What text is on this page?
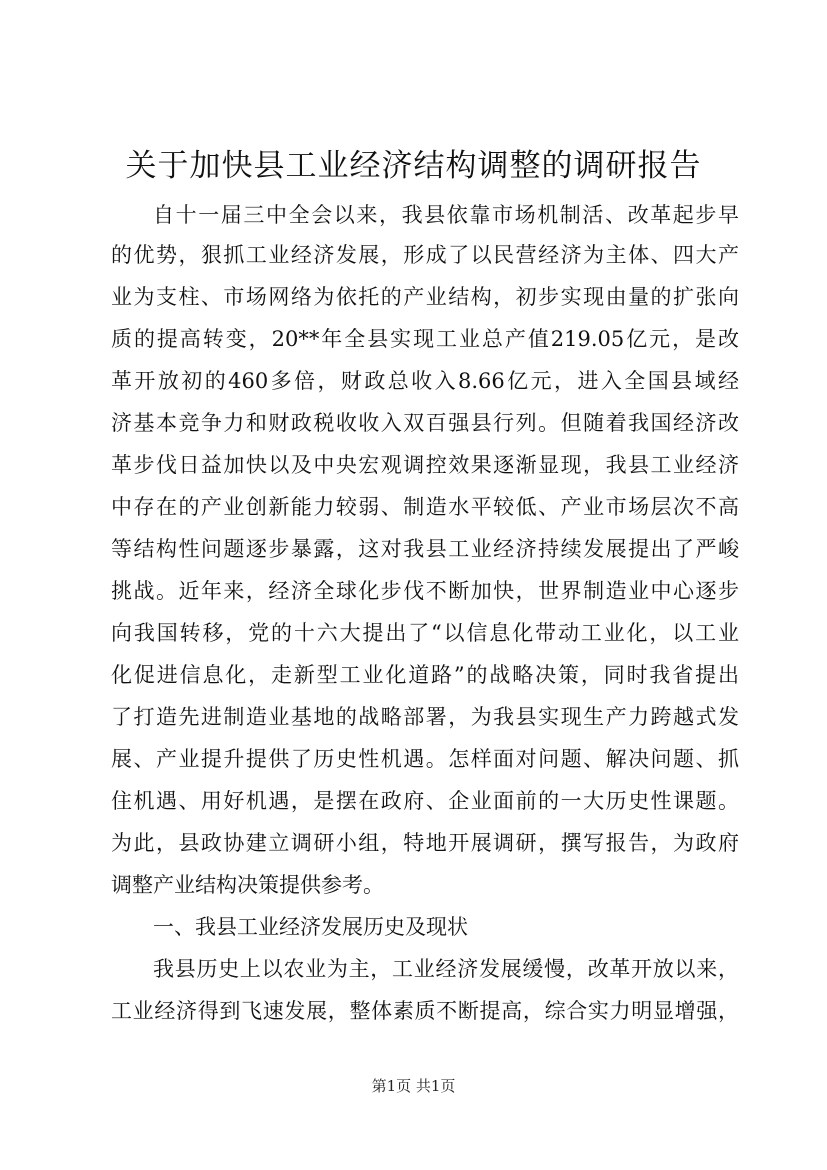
关于加快县工业经济结构调整的调研报告

自十一届三中全会以来，我县依靠市场机制活、改革起步早

的优势，狠抓工业经济发展，形成了以民营经济为主体、四大产

业为支柱、市场网络为依托的产业结构，初步实现由量的扩张向

质的提高转变，20**年全县实现工业总产值219.05亿元，是改

革开放初的460多倍，财政总收入8.66亿元，进入全国县域经

济基本竞争力和财政税收收入双百强县行列。但随着我国经济改

革步伐日益加快以及中央宏观调控效果逐渐显现，我县工业经济

中存在的产业创新能力较弱、制造水平较低、产业市场层次不高

等结构性问题逐步暴露，这对我县工业经济持续发展提出了严峻

挑战。近年来，经济全球化步伐不断加快，世界制造业中心逐步

向我国转移，党的十六大提出了“以信息化带动工业化，以工业

化促进信息化，走新型工业化道路”的战略决策，同时我省提出

了打造先进制造业基地的战略部署，为我县实现生产力跨越式发

展、产业提升提供了历史性机遇。怎样面对问题、解决问题、抓

住机遇、用好机遇，是摆在政府、企业面前的一大历史性课题。

为此，县政协建立调研小组，特地开展调研，撰写报告，为政府

调整产业结构决策提供参考。

一、我县工业经济发展历史及现状

我县历史上以农业为主，工业经济发展缓慢，改革开放以来，

工业经济得到飞速发展，整体素质不断提高，综合实力明显增强，

第1页 共1页
